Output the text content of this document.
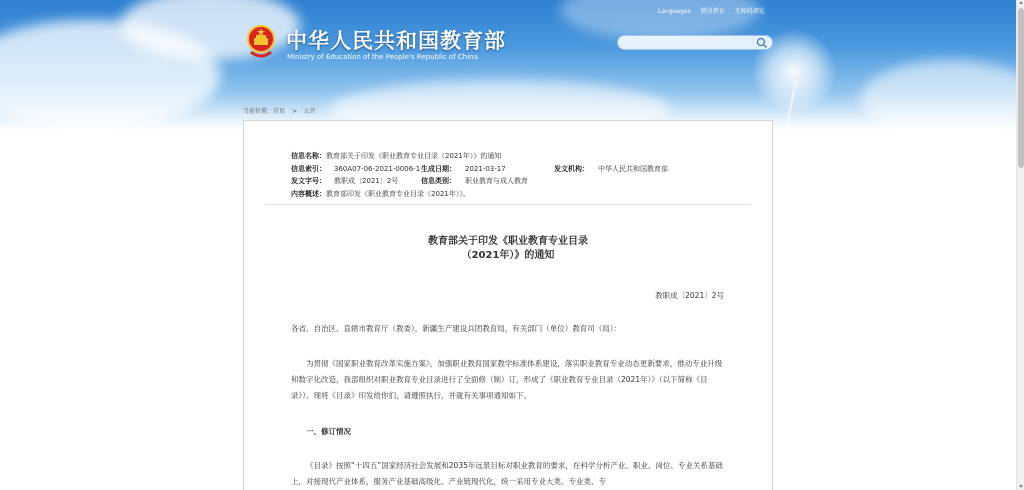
中华人民共和国教育部
Ministry of Education of the People's Republic of China
Languages 微信教育 无障碍浏览
当前位置：首页 > 公开
信息名称：教育部关于印发《职业教育专业目录（2021年）》的通知
信息索引： 360A07-06-2021-0006-1 生成日期： 2021-03-17	发文机构： 中华人民共和国教育部
发文字号： 教职成〔2021〕2号	信息类别： 职业教育与成人教育
内容概述：教育部印发《职业教育专业目录（2021年）》。
教育部关于印发《职业教育专业目录
（2021年）》的通知
教职成〔2021〕2号
各省、自治区、直辖市教育厅（教委），新疆生产建设兵团教育局，有关部门（单位）教育司（局）：
为贯彻《国家职业教育改革实施方案》，加强职业教育国家教学标准体系建设，落实职业教育专业动态更新要求，推动专业升级和数字化改造，我部组织对职业教育专业目录进行了全面修（制）订，形成了《职业教育专业目录（2021年）》（以下简称《目录》）。现将《目录》印发给你们，请遵照执行，并就有关事项通知如下。
一、修订情况
《目录》按照“十四五”国家经济社会发展和2035年远景目标对职业教育的要求，在科学分析产业、职业、岗位、专业关系基础上，对接现代产业体系，服务产业基础高级化、产业链现代化，统一采用专业大类、专业类、专
